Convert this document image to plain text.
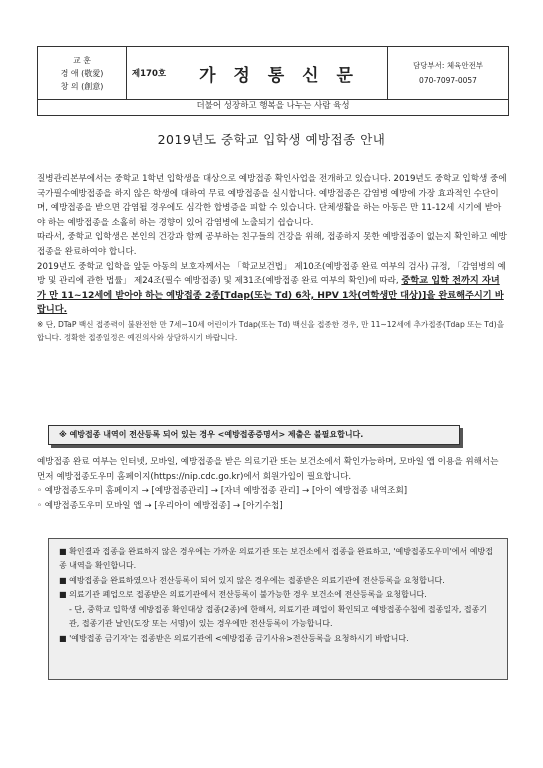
교 훈
경 애 (敬愛)
창 의 (創意)
제170호	가 정 통 신 문	담당부서: 체육안전부
070-7097-0057
더불어 성장하고 행복을 나누는 사람 육성
2019년도 중학교 입학생 예방접종 안내

질병관리본부에서는 중학교 1학년 입학생을 대상으로 예방접종 확인사업을 전개하고 있습니다. 2019년도 중학교 입학생 중에 국가필수예방접종을 하지 않은 학생에 대하여 무료 예방접종을 실시합니다. 예방접종은 감염병 예방에 가장 효과적인 수단이며, 예방접종을 받으면 감염될 경우에도 심각한 합병증을 피할 수 있습니다. 단체생활을 하는 아동은 만 11-12세 시기에 받아야 하는 예방접종을 소홀히 하는 경향이 있어 감염병에 노출되기 쉽습니다.

따라서, 중학교 입학생은 본인의 건강과 함께 공부하는 친구들의 건강을 위해, 접종하지 못한 예방접종이 없는지 확인하고 예방접종을 완료하여야 합니다.

2019년도 중학교 입학을 앞둔 아동의 보호자께서는 「학교보건법」 제10조(예방접종 완료 여부의 검사) 규정, 「감염병의 예방 및 관리에 관한 법률」 제24조(필수 예방접종) 및 제31조(예방접종 완료 여부의 확인)에 따라, 중학교 입학 전까지 자녀가 만 11~12세에 받아야 하는 예방접종 2종[Tdap(또는 Td) 6차, HPV 1차(여학생만 대상)]을 완료해주시기 바랍니다.

※ 단, DTaP 백신 접종력이 불완전한 만 7세~10세 어린이가 Tdap(또는 Td) 백신을 접종한 경우, 만 11~12세에 추가접종(Tdap 또는 Td)을 합니다. 정확한 접종일정은 예진의사와 상담하시기 바랍니다.

※ 예방접종 내역이 전산등록 되어 있는 경우 <예방접종증명서> 제출은 불필요합니다.

예방접종 완료 여부는 인터넷, 모바일, 예방접종을 받은 의료기관 또는 보건소에서 확인가능하며, 모바일 앱 이용을 위해서는 먼저 예방접종도우미 홈페이지(https://nip.cdc.go.kr)에서 회원가입이 필요합니다.

◦ 예방접종도우미 홈페이지 → [예방접종관리] → [자녀 예방접종 관리] → [아이 예방접종 내역조회]

◦ 예방접종도우미 모바일 앱 → [우리아이 예방접종] → [아기수첩]

■ 확인결과 접종을 완료하지 않은 경우에는 가까운 의료기관 또는 보건소에서 접종을 완료하고, '예방접종도우미'에서 예방접종 내역을 확인합니다.

■ 예방접종을 완료하였으나 전산등록이 되어 있지 않은 경우에는 접종받은 의료기관에 전산등록을 요청합니다.

■ 의료기관 폐업으로 접종받은 의료기관에서 전산등록이 불가능한 경우 보건소에 전산등록을 요청합니다.

- 단, 중학교 입학생 예방접종 확인대상 접종(2종)에 한해서, 의료기관 폐업이 확인되고 예방접종수첩에 접종일자, 접종기관, 접종기관 날인(도장 또는 서명)이 있는 경우에만 전산등록이 가능합니다.

■ '예방접종 금기자'는 접종받은 의료기관에 <예방접종 금기사유>전산등록을 요청하시기 바랍니다.
